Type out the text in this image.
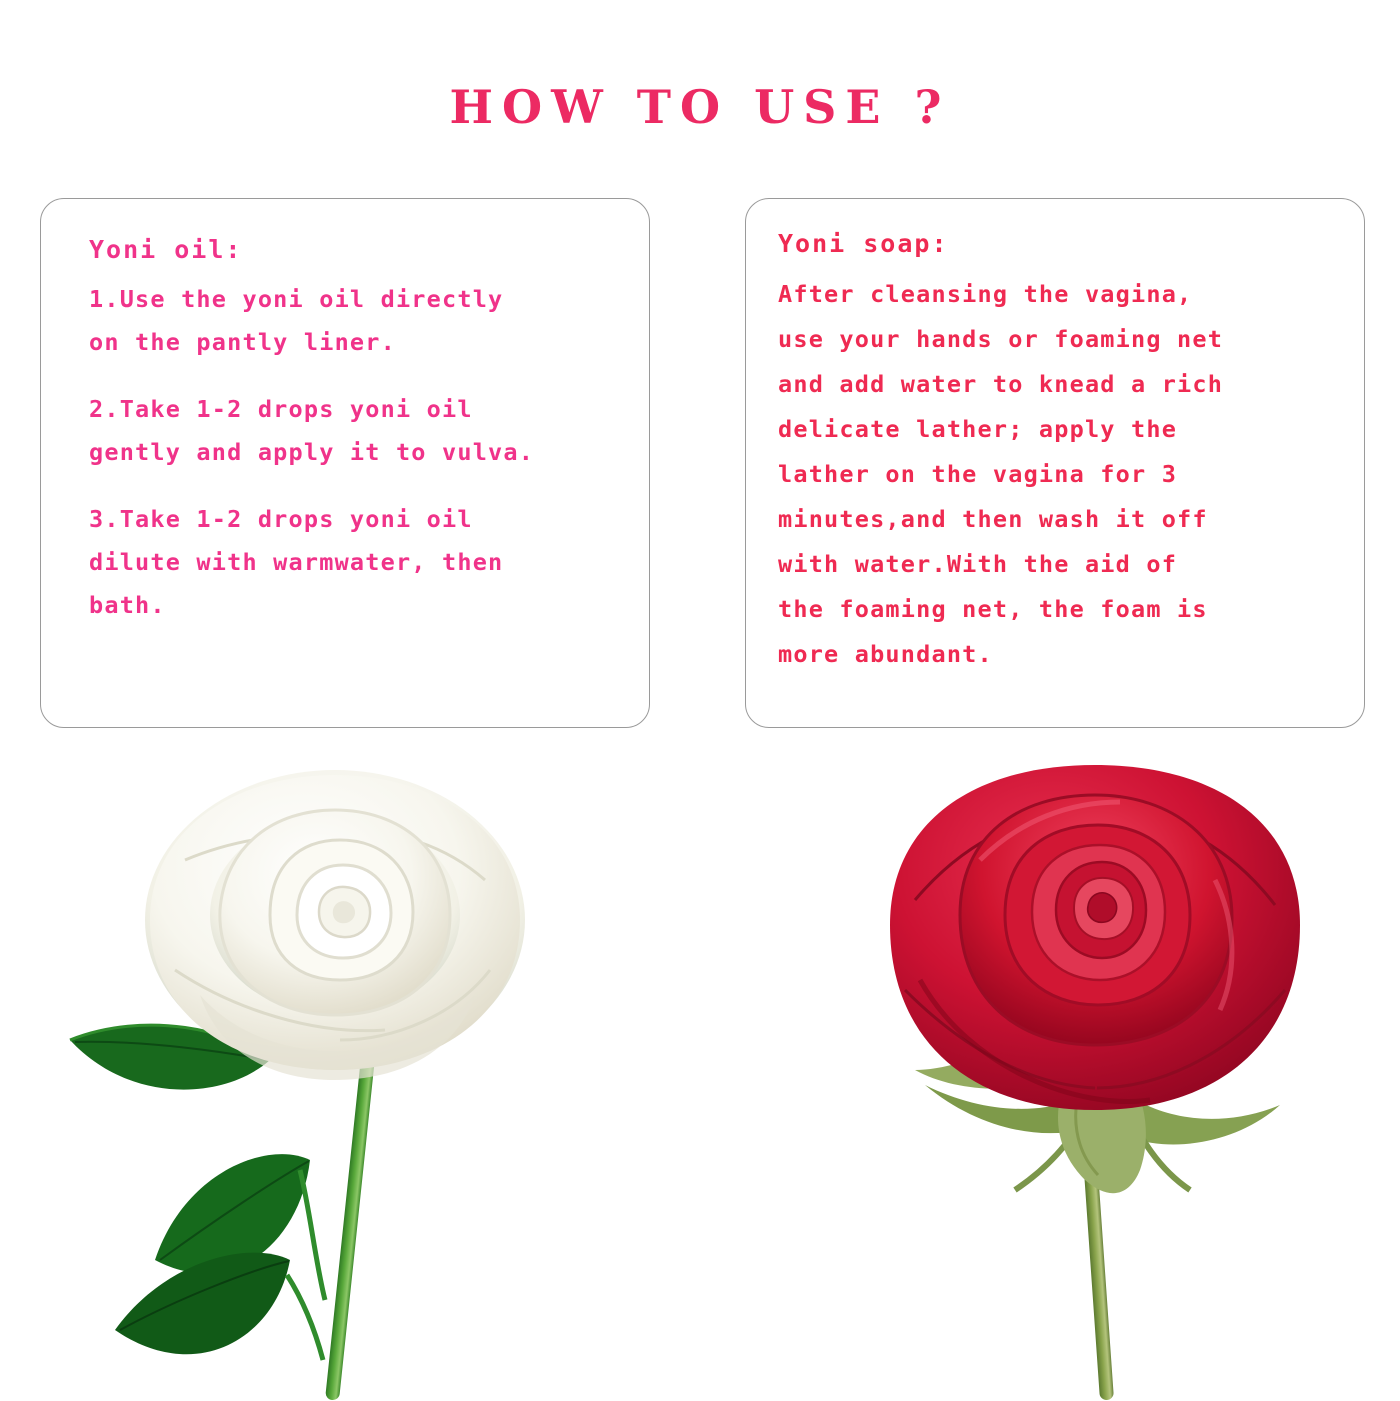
HOW TO USE ?
Yoni oil:

1.Use the yoni oil directly

on the pantly liner.

2.Take 1-2 drops yoni oil

gently and apply it to vulva.

3.Take 1-2 drops yoni oil

dilute with warmwater, then

bath.

Yoni soap:

After cleansing the vagina,

use your hands or foaming net

and add water to knead a rich

delicate lather; apply the

lather on the vagina for 3

minutes,and then wash it off

with water.With the aid of

the foaming net, the foam is

more abundant.
